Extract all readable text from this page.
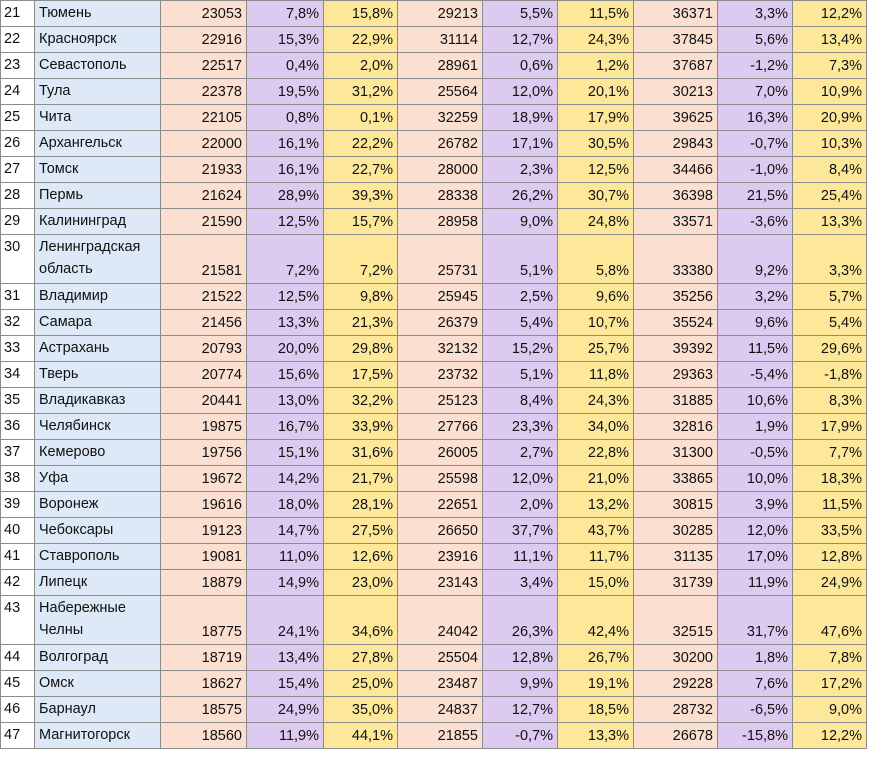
21	Тюмень	23053	7,8%	15,8%	29213	5,5%	11,5%	36371	3,3%	12,2%
22	Красноярск	22916	15,3%	22,9%	31114	12,7%	24,3%	37845	5,6%	13,4%
23	Севастополь	22517	0,4%	2,0%	28961	0,6%	1,2%	37687	-1,2%	7,3%
24	Тула	22378	19,5%	31,2%	25564	12,0%	20,1%	30213	7,0%	10,9%
25	Чита	22105	0,8%	0,1%	32259	18,9%	17,9%	39625	16,3%	20,9%
26	Архангельск	22000	16,1%	22,2%	26782	17,1%	30,5%	29843	-0,7%	10,3%
27	Томск	21933	16,1%	22,7%	28000	2,3%	12,5%	34466	-1,0%	8,4%
28	Пермь	21624	28,9%	39,3%	28338	26,2%	30,7%	36398	21,5%	25,4%
29	Калининград	21590	12,5%	15,7%	28958	9,0%	24,8%	33571	-3,6%	13,3%
30	Ленинградская область	21581	7,2%	7,2%	25731	5,1%	5,8%	33380	9,2%	3,3%
31	Владимир	21522	12,5%	9,8%	25945	2,5%	9,6%	35256	3,2%	5,7%
32	Самара	21456	13,3%	21,3%	26379	5,4%	10,7%	35524	9,6%	5,4%
33	Астрахань	20793	20,0%	29,8%	32132	15,2%	25,7%	39392	11,5%	29,6%
34	Тверь	20774	15,6%	17,5%	23732	5,1%	11,8%	29363	-5,4%	-1,8%
35	Владикавказ	20441	13,0%	32,2%	25123	8,4%	24,3%	31885	10,6%	8,3%
36	Челябинск	19875	16,7%	33,9%	27766	23,3%	34,0%	32816	1,9%	17,9%
37	Кемерово	19756	15,1%	31,6%	26005	2,7%	22,8%	31300	-0,5%	7,7%
38	Уфа	19672	14,2%	21,7%	25598	12,0%	21,0%	33865	10,0%	18,3%
39	Воронеж	19616	18,0%	28,1%	22651	2,0%	13,2%	30815	3,9%	11,5%
40	Чебоксары	19123	14,7%	27,5%	26650	37,7%	43,7%	30285	12,0%	33,5%
41	Ставрополь	19081	11,0%	12,6%	23916	11,1%	11,7%	31135	17,0%	12,8%
42	Липецк	18879	14,9%	23,0%	23143	3,4%	15,0%	31739	11,9%	24,9%
43	Набережные Челны	18775	24,1%	34,6%	24042	26,3%	42,4%	32515	31,7%	47,6%
44	Волгоград	18719	13,4%	27,8%	25504	12,8%	26,7%	30200	1,8%	7,8%
45	Омск	18627	15,4%	25,0%	23487	9,9%	19,1%	29228	7,6%	17,2%
46	Барнаул	18575	24,9%	35,0%	24837	12,7%	18,5%	28732	-6,5%	9,0%
47	Магнитогорск	18560	11,9%	44,1%	21855	-0,7%	13,3%	26678	-15,8%	12,2%
